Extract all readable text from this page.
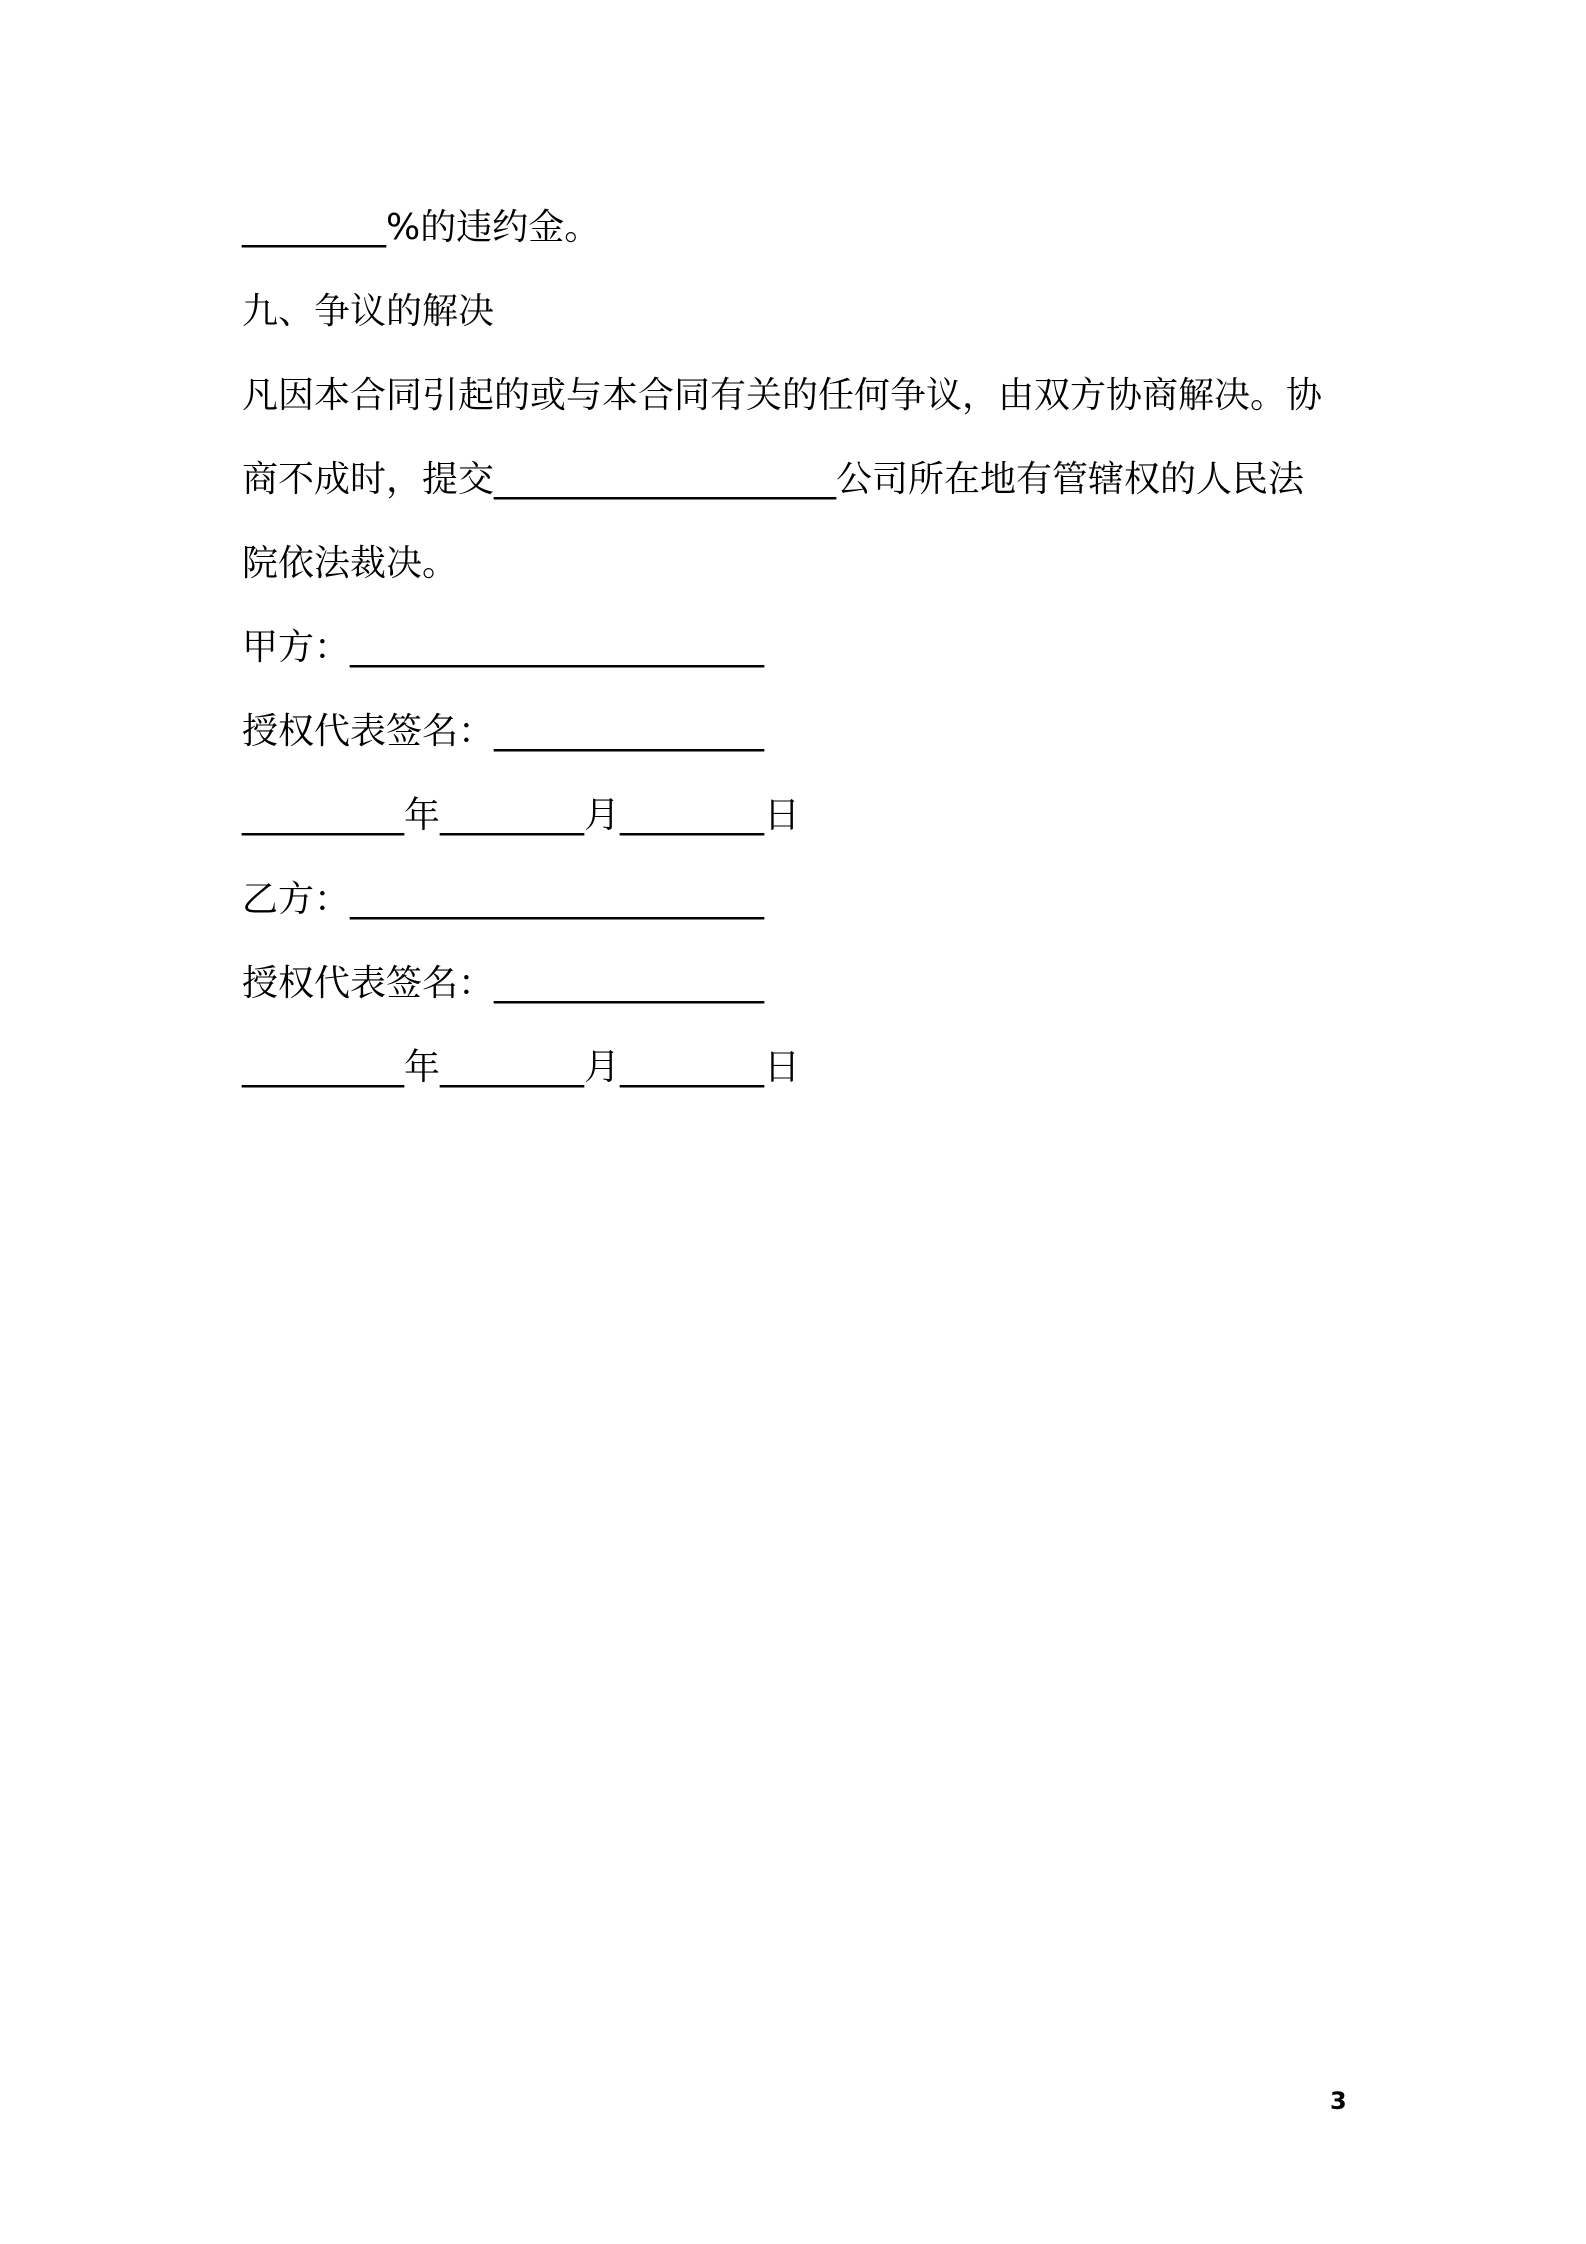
________%的违约金。
九、争议的解决
凡因本合同引起的或与本合同有关的任何争议，由双方协商解决。协
商不成时，提交___________________公司所在地有管辖权的人民法
院依法裁决。
甲方：_______________________
授权代表签名：_______________
_________年________月________日
乙方：_______________________
授权代表签名：_______________
_________年________月________日
3
